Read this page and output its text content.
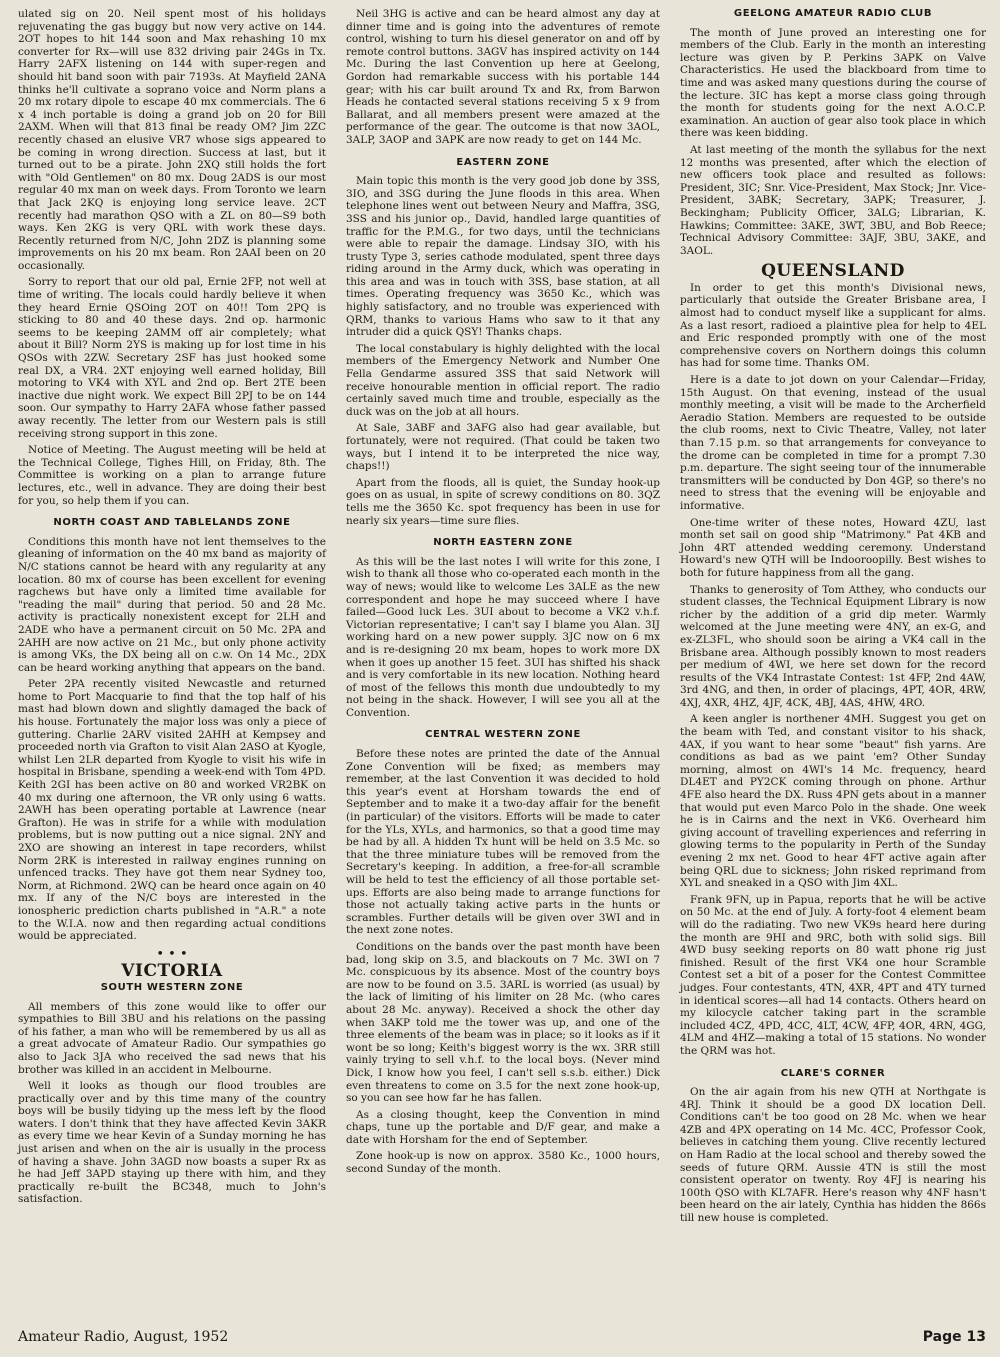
ulated sig on 20. Neil spent most of his holidays rejuvenating the gas buggy but now very active on 144. 2OT hopes to hit 144 soon and Max rehashing 10 mx converter for Rx—will use 832 driving pair 24Gs in Tx. Harry 2AFX listening on 144 with super-regen and should hit band soon with pair 7193s. At Mayfield 2ANA thinks he'll cultivate a soprano voice and Norm plans a 20 mx rotary dipole to escape 40 mx commercials. The 6 x 4 inch portable is doing a grand job on 20 for Bill 2AXM. When will that 813 final be ready OM? Jim 2ZC recently chased an elusive VR7 whose sigs appeared to be coming in wrong direction. Success at last, but it turned out to be a pirate. John 2XQ still holds the fort with "Old Gentlemen" on 80 mx. Doug 2ADS is our most regular 40 mx man on week days. From Toronto we learn that Jack 2KQ is enjoying long service leave. 2CT recently had marathon QSO with a ZL on 80—S9 both ways. Ken 2KG is very QRL with work these days. Recently returned from N/C, John 2DZ is planning some improvements on his 20 mx beam. Ron 2AAI been on 20 occasionally.

Sorry to report that our old pal, Ernie 2FP, not well at time of writing. The locals could hardly believe it when they heard Ernie QSOing 2OT on 40!! Tom 2PQ is sticking to 80 and 40 these days. 2nd op. harmonic seems to be keeping 2AMM off air completely; what about it Bill? Norm 2YS is making up for lost time in his QSOs with 2ZW. Secretary 2SF has just hooked some real DX, a VR4. 2XT enjoying well earned holiday, Bill motoring to VK4 with XYL and 2nd op. Bert 2TE been inactive due night work. We expect Bill 2PJ to be on 144 soon. Our sympathy to Harry 2AFA whose father passed away recently. The letter from our Western pals is still receiving strong support in this zone.

Notice of Meeting. The August meeting will be held at the Technical College, Tighes Hill, on Friday, 8th. The Committee is working on a plan to arrange future lectures, etc., well in advance. They are doing their best for you, so help them if you can.

NORTH COAST AND TABLELANDS ZONE

Conditions this month have not lent themselves to the gleaning of information on the 40 mx band as majority of N/C stations cannot be heard with any regularity at any location. 80 mx of course has been excellent for evening ragchews but have only a limited time available for "reading the mail" during that period. 50 and 28 Mc. activity is practically nonexistent except for 2LH and 2ADE who have a permanent circuit on 50 Mc. 2PA and 2AHH are now active on 21 Mc., but only phone activity is among VKs, the DX being all on c.w. On 14 Mc., 2DX can be heard working anything that appears on the band.

Peter 2PA recently visited Newcastle and returned home to Port Macquarie to find that the top half of his mast had blown down and slightly damaged the back of his house. Fortunately the major loss was only a piece of guttering. Charlie 2ARV visited 2AHH at Kempsey and proceeded north via Grafton to visit Alan 2ASO at Kyogle, whilst Len 2LR departed from Kyogle to visit his wife in hospital in Brisbane, spending a week-end with Tom 4PD. Keith 2GI has been active on 80 and worked VR2BK on 40 mx during one afternoon, the VR only using 6 watts. 2AWH has been operating portable at Lawrence (near Grafton). He was in strife for a while with modulation problems, but is now putting out a nice signal. 2NY and 2XO are showing an interest in tape recorders, whilst Norm 2RK is interested in railway engines running on unfenced tracks. They have got them near Sydney too, Norm, at Richmond. 2WQ can be heard once again on 40 mx. If any of the N/C boys are interested in the ionospheric prediction charts published in "A.R." a note to the W.I.A. now and then regarding actual conditions would be appreciated.

• • •
VICTORIA
SOUTH WESTERN ZONE

All members of this zone would like to offer our sympathies to Bill 3BU and his relations on the passing of his father, a man who will be remembered by us all as a great advocate of Amateur Radio. Our sympathies go also to Jack 3JA who received the sad news that his brother was killed in an accident in Melbourne.

Well it looks as though our flood troubles are practically over and by this time many of the country boys will be busily tidying up the mess left by the flood waters. I don't think that they have affected Kevin 3AKR as every time we hear Kevin of a Sunday morning he has just arisen and when on the air is usually in the process of having a shave. John 3AGD now boasts a super Rx as he had Jeff 3APD staying up there with him, and they practically re-built the BC348, much to John's satisfaction.

Neil 3HG is active and can be heard almost any day at dinner time and is going into the adventures of remote control, wishing to turn his diesel generator on and off by remote control buttons. 3AGV has inspired activity on 144 Mc. During the last Convention up here at Geelong, Gordon had remarkable success with his portable 144 gear; with his car built around Tx and Rx, from Barwon Heads he contacted several stations receiving 5 x 9 from Ballarat, and all members present were amazed at the performance of the gear. The outcome is that now 3AOL, 3ALP, 3AOP and 3APK are now ready to get on 144 Mc.

EASTERN ZONE

Main topic this month is the very good job done by 3SS, 3IO, and 3SG during the June floods in this area. When telephone lines went out between Neury and Maffra, 3SG, 3SS and his junior op., David, handled large quantities of traffic for the P.M.G., for two days, until the technicians were able to repair the damage. Lindsay 3IO, with his trusty Type 3, series cathode modulated, spent three days riding around in the Army duck, which was operating in this area and was in touch with 3SS, base station, at all times. Operating frequency was 3650 Kc., which was highly satisfactory, and no trouble was experienced with QRM, thanks to various Hams who saw to it that any intruder did a quick QSY! Thanks chaps.

The local constabulary is highly delighted with the local members of the Emergency Network and Number One Fella Gendarme assured 3SS that said Network will receive honourable mention in official report. The radio certainly saved much time and trouble, especially as the duck was on the job at all hours.

At Sale, 3ABF and 3AFG also had gear available, but fortunately, were not required. (That could be taken two ways, but I intend it to be interpreted the nice way, chaps!!)

Apart from the floods, all is quiet, the Sunday hook-up goes on as usual, in spite of screwy conditions on 80. 3QZ tells me the 3650 Kc. spot frequency has been in use for nearly six years—time sure flies.

NORTH EASTERN ZONE

As this will be the last notes I will write for this zone, I wish to thank all those who co-operated each month in the way of news; would like to welcome Les 3ALE as the new correspondent and hope he may succeed where I have failed—Good luck Les. 3UI about to become a VK2 v.h.f. Victorian representative; I can't say I blame you Alan. 3IJ working hard on a new power supply. 3JC now on 6 mx and is re-designing 20 mx beam, hopes to work more DX when it goes up another 15 feet. 3UI has shifted his shack and is very comfortable in its new location. Nothing heard of most of the fellows this month due undoubtedly to my not being in the shack. However, I will see you all at the Convention.

CENTRAL WESTERN ZONE

Before these notes are printed the date of the Annual Zone Convention will be fixed; as members may remember, at the last Convention it was decided to hold this year's event at Horsham towards the end of September and to make it a two-day affair for the benefit (in particular) of the visitors. Efforts will be made to cater for the YLs, XYLs, and harmonics, so that a good time may be had by all. A hidden Tx hunt will be held on 3.5 Mc. so that the three miniature tubes will be removed from the Secretary's keeping. In addition, a free-for-all scramble will be held to test the efficiency of all those portable set-ups. Efforts are also being made to arrange functions for those not actually taking active parts in the hunts or scrambles. Further details will be given over 3WI and in the next zone notes.

Conditions on the bands over the past month have been bad, long skip on 3.5, and blackouts on 7 Mc. 3WI on 7 Mc. conspicuous by its absence. Most of the country boys are now to be found on 3.5. 3ARL is worried (as usual) by the lack of limiting of his limiter on 28 Mc. (who cares about 28 Mc. anyway). Received a shock the other day when 3AKP told me the tower was up, and one of the three elements of the beam was in place; so it looks as if it wont be so long; Keith's biggest worry is the wx. 3RR still vainly trying to sell v.h.f. to the local boys. (Never mind Dick, I know how you feel, I can't sell s.s.b. either.) Dick even threatens to come on 3.5 for the next zone hook-up, so you can see how far he has fallen.

As a closing thought, keep the Convention in mind chaps, tune up the portable and D/F gear, and make a date with Horsham for the end of September.

Zone hook-up is now on approx. 3580 Kc., 1000 hours, second Sunday of the month.

GEELONG AMATEUR RADIO CLUB

The month of June proved an interesting one for members of the Club. Early in the month an interesting lecture was given by P. Perkins 3APK on Valve Characteristics. He used the blackboard from time to time and was asked many questions during the course of the lecture. 3IC has kept a morse class going through the month for students going for the next A.O.C.P. examination. An auction of gear also took place in which there was keen bidding.

At last meeting of the month the syllabus for the next 12 months was presented, after which the election of new officers took place and resulted as follows: President, 3IC; Snr. Vice-President, Max Stock; Jnr. Vice-President, 3ABK; Secretary, 3APK; Treasurer, J. Beckingham; Publicity Officer, 3ALG; Librarian, K. Hawkins; Committee: 3AKE, 3WT, 3BU, and Bob Reece; Technical Advisory Committee: 3AJF, 3BU, 3AKE, and 3AOL.

QUEENSLAND

In order to get this month's Divisional news, particularly that outside the Greater Brisbane area, I almost had to conduct myself like a supplicant for alms. As a last resort, radioed a plaintive plea for help to 4EL and Eric responded promptly with one of the most comprehensive covers on Northern doings this column has had for some time. Thanks OM.

Here is a date to jot down on your Calendar—Friday, 15th August. On that evening, instead of the usual monthly meeting, a visit will be made to the Archerfield Aeradio Station. Members are requested to be outside the club rooms, next to Civic Theatre, Valley, not later than 7.15 p.m. so that arrangements for conveyance to the drome can be completed in time for a prompt 7.30 p.m. departure. The sight seeing tour of the innumerable transmitters will be conducted by Don 4GP, so there's no need to stress that the evening will be enjoyable and informative.

One-time writer of these notes, Howard 4ZU, last month set sail on good ship "Matrimony." Pat 4KB and John 4RT attended wedding ceremony. Understand Howard's new QTH will be Indooroopilly. Best wishes to both for future happiness from all the gang.

Thanks to generosity of Tom Atthey, who conducts our student classes, the Technical Equipment Library is now richer by the addition of a grid dip meter. Warmly welcomed at the June meeting were 4NY, an ex-G, and ex-ZL3FL, who should soon be airing a VK4 call in the Brisbane area. Although possibly known to most readers per medium of 4WI, we here set down for the record results of the VK4 Intrastate Contest: 1st 4FP, 2nd 4AW, 3rd 4NG, and then, in order of placings, 4PT, 4OR, 4RW, 4XJ, 4XR, 4HZ, 4JF, 4CK, 4BJ, 4AS, 4HW, 4RO.

A keen angler is northener 4MH. Suggest you get on the beam with Ted, and constant visitor to his shack, 4AX, if you want to hear some "beaut" fish yarns. Are conditions as bad as we paint 'em? Other Sunday morning, almost on 4WI's 14 Mc. frequency, heard DL4ET and PY2CK coming through on phone. Arthur 4FE also heard the DX. Russ 4PN gets about in a manner that would put even Marco Polo in the shade. One week he is in Cairns and the next in VK6. Overheard him giving account of travelling experiences and referring in glowing terms to the popularity in Perth of the Sunday evening 2 mx net. Good to hear 4FT active again after being QRL due to sickness; John risked reprimand from XYL and sneaked in a QSO with Jim 4XL.

Frank 9FN, up in Papua, reports that he will be active on 50 Mc. at the end of July. A forty-foot 4 element beam will do the radiating. Two new VK9s heard here during the month are 9HI and 9RC, both with solid sigs. Bill 4WD busy seeking reports on 80 watt phone rig just finished. Result of the first VK4 one hour Scramble Contest set a bit of a poser for the Contest Committee judges. Four contestants, 4TN, 4XR, 4PT and 4TY turned in identical scores—all had 14 contacts. Others heard on my kilocycle catcher taking part in the scramble included 4CZ, 4PD, 4CC, 4LT, 4CW, 4FP, 4OR, 4RN, 4GG, 4LM and 4HZ—making a total of 15 stations. No wonder the QRM was hot.

CLARE'S CORNER

On the air again from his new QTH at Northgate is 4RJ. Think it should be a good DX location Dell. Conditions can't be too good on 28 Mc. when we hear 4ZB and 4PX operating on 14 Mc. 4CC, Professor Cook, believes in catching them young. Clive recently lectured on Ham Radio at the local school and thereby sowed the seeds of future QRM. Aussie 4TN is still the most consistent operator on twenty. Roy 4FJ is nearing his 100th QSO with KL7AFR. Here's reason why 4NF hasn't been heard on the air lately, Cynthia has hidden the 866s till new house is completed.

Amateur Radio, August, 1952	Page 13
